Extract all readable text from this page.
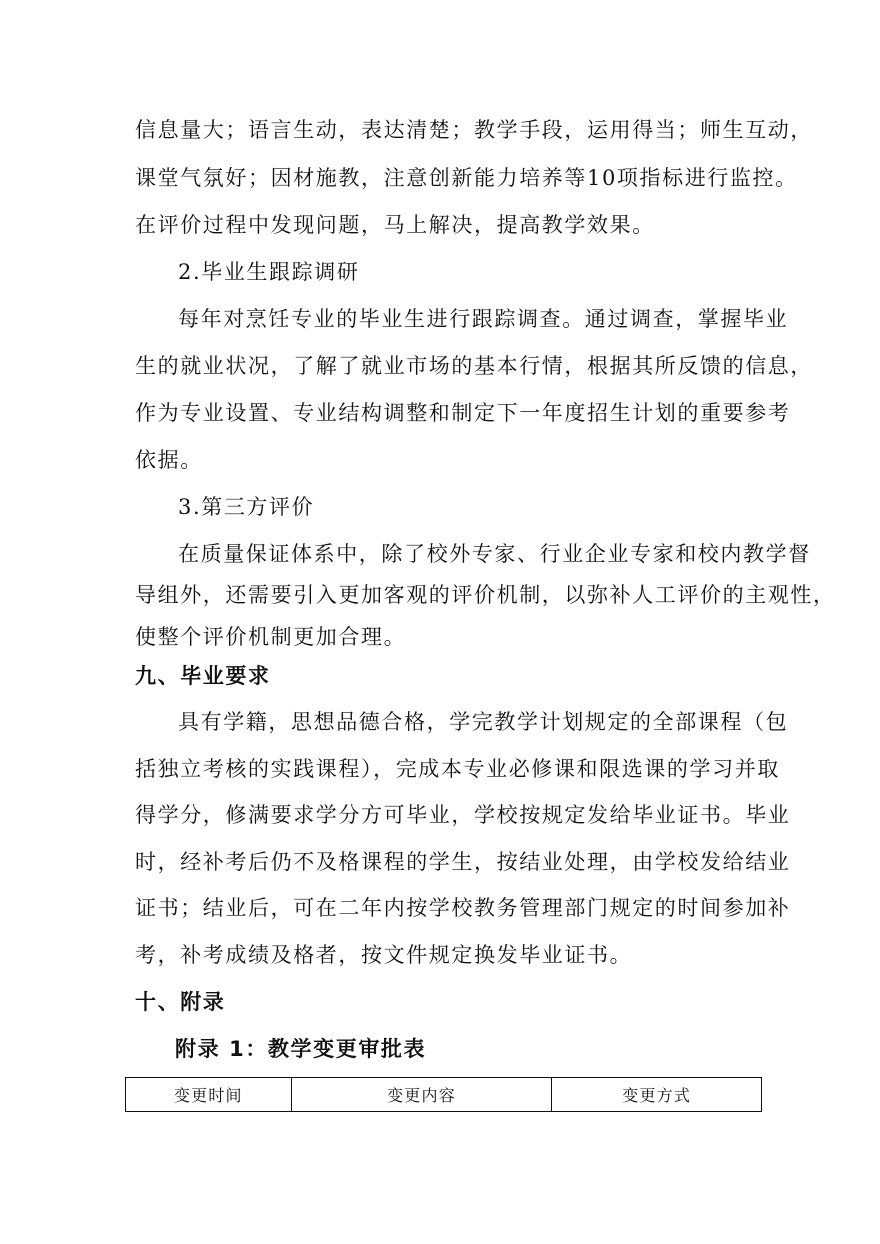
信息量大；语言生动，表达清楚；教学手段，运用得当；师生互动，
课堂气氛好；因材施教，注意创新能力培养等10项指标进行监控。
在评价过程中发现问题，马上解决，提高教学效果。
2.毕业生跟踪调研
每年对烹饪专业的毕业生进行跟踪调查。通过调查，掌握毕业
生的就业状况，了解了就业市场的基本行情，根据其所反馈的信息，
作为专业设置、专业结构调整和制定下一年度招生计划的重要参考
依据。
3.第三方评价
在质量保证体系中，除了校外专家、行业企业专家和校内教学督
导组外，还需要引入更加客观的评价机制，以弥补人工评价的主观性，
使整个评价机制更加合理。
九、毕业要求
具有学籍，思想品德合格，学完教学计划规定的全部课程（包
括独立考核的实践课程），完成本专业必修课和限选课的学习并取
得学分，修满要求学分方可毕业，学校按规定发给毕业证书。毕业
时，经补考后仍不及格课程的学生，按结业处理，由学校发给结业
证书；结业后，可在二年内按学校教务管理部门规定的时间参加补
考，补考成绩及格者，按文件规定换发毕业证书。
十、附录
附录 1：教学变更审批表
变更时间	变更内容	变更方式
